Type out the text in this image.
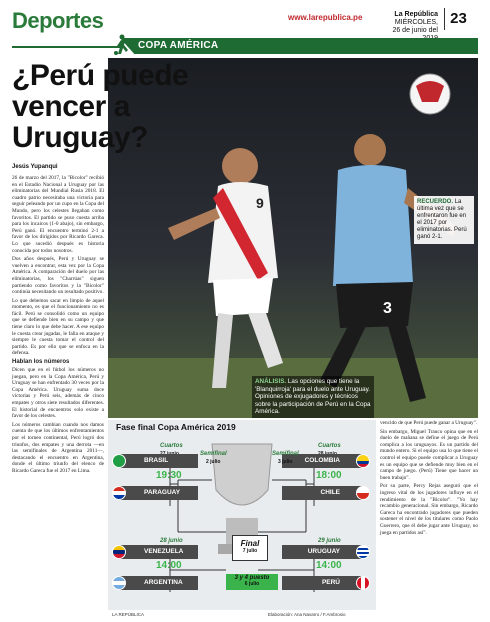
Deportes	www.larepublica.pe	La República
MIÉRCOLES,
26 de junio del
23
COPA AMÉRICA
9
3
¿Perú puede vencer a Uruguay?
Jesús Yupanqui

26 de marzo del 2017, la "Bicolor" recibió en el Estadio Nacional a Uruguay por las eliminatorias del Mundial Rusia 2018. El cuadro patrio necesitaba una victoria para seguir peleando por un cupo en la Copa del Mundo, pero los celestes llegaban como favoritos. El partido se puso cuesta arriba para los incaicos (1-0 abajo), sin embargo, Perú ganó. El encuentro terminó 2-1 a favor de los dirigidos por Ricardo Gareca. Lo que sucedió después es historia conocida por todos nosotros.

Dos años después, Perú y Uruguay se vuelven a encontrar, esta vez por la Copa América. A comparación del duelo por las eliminatorias, los "Charrúas" siguen partiendo como favoritos y la "Bicolor" continúa necesitando un resultado positivo.

Lo que debemos sacar en limpio de aquel momento, es que el funcionamiento no es fácil. Perú se consolidó como un equipo que se defiende bien en su campo y que tiene claro lo que debe hacer. A ese equipo le cuesta crear jugadas, le falla en ataque y siempre le cuesta tomar el control del partido. Es por ello que se enfoca en la defensa.

Hablan los números

Dicen que en el fútbol los números no juegan, pero en la Copa América, Perú y Uruguay se han enfrentado 30 veces por la Copa América. Uruguay suma doce victorias y Perú seis, además de cinco empates y otros siete resultados diferentes. El historial de encuentros solo existe a favor de los celestes.

Los números cambian cuando nos damos cuenta de que los últimos enfrentamientos por el torneo continental, Perú logró dos triunfos, dos empates y una derrota —en las semifinales de Argentina 2011—, destacando el encuentro en Argentina, donde el último triunfo del elenco de Ricardo Gareca fue el 2017 en Lima.

RECUERDO. La última vez que se enfrentaron fue en el 2017 por eliminatorias. Perú ganó 2-1.
ANÁLISIS. Las opciones que tiene la 'Blanquirroja' para el duelo ante Uruguay. Opiniones de exjugadores y técnicos sobre la participación de Perú en la Copa América.
Fase final Copa América 2019
Cuartos
BRASIL
19:30
PARAGUAY
28 junio
VENEZUELA
14:00
ARGENTINA
Cuartos
COLOMBIA
18:00
CHILE
29 junio
URUGUAY
14:00
PERÚ
Semifinal
2 julio
Semifinal
3 julio
Final
7 julio
3 y 4 puesto
6 julio
LA REPÚBLICA	Elaboración: Ana Navarro / F.Ambrosio

vencido de que Perú puede ganar a Uruguay".

Sin embargo, Miguel Trauco opina que en el duelo de mañana se define el juego de Perú complica a los uruguayos. Es un partido del mundo entero. Si el equipo usa lo que tiene el control el equipo puede complicar a Uruguay es un equipo que se defiende muy bien en el campo de juego. (Perú) Tiene que hacer un buen trabajo".

Por su parte, Percy Rejas aseguró que el ingreso vital de los jugadores influye en el rendimiento de la "Bicolor". "Yo hay recambio generacional. Sin embargo, Ricardo Gareca ha encontrado jugadores que pueden sostener el nivel de los titulares como Paolo Guerrero, que él debe jugar ante Uruguay, no juega en partidos así".
